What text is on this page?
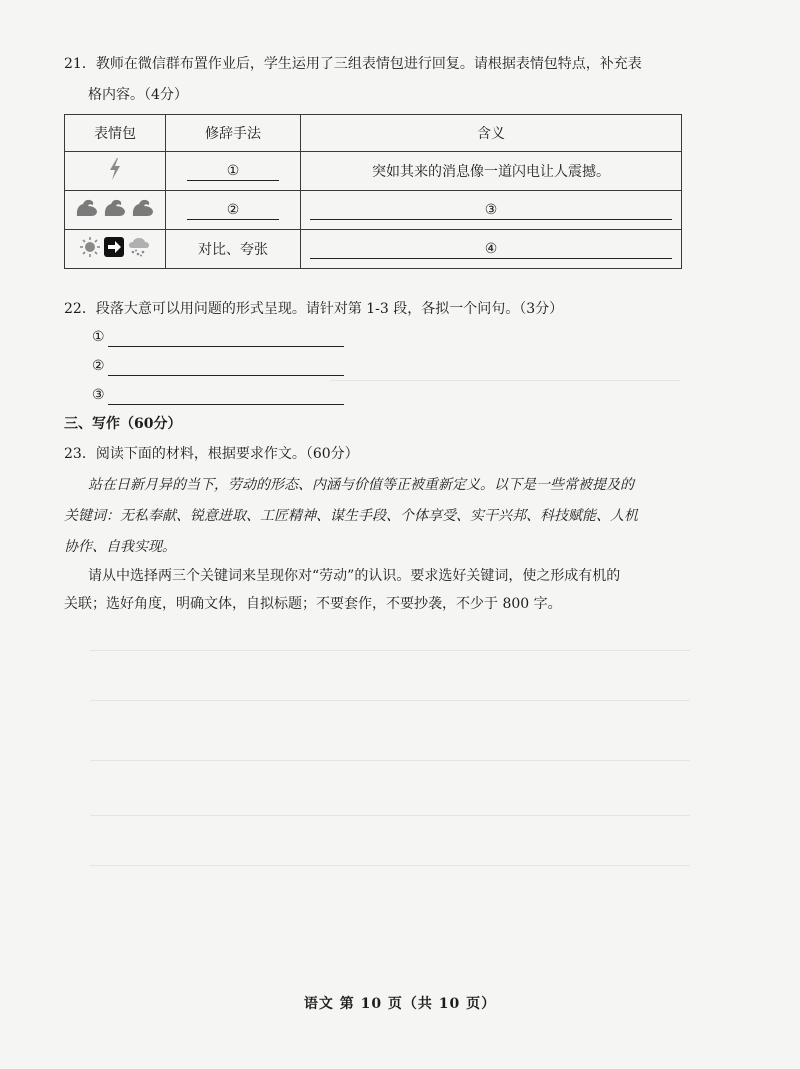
21．教师在微信群布置作业后，学生运用了三组表情包进行回复。请根据表情包特点，补充表
格内容。（4分）
表情包	修辞手法	含义
	①	突如其来的消息像一道闪电让人震撼。

	②	③

	对比、夸张	④
22．段落大意可以用问题的形式呈现。请针对第 1-3 段，各拟一个问句。（3分）
①
②
③
三、写作（60分）
23．阅读下面的材料，根据要求作文。（60分）
站在日新月异的当下，劳动的形态、内涵与价值等正被重新定义。以下是一些常被提及的
关键词：无私奉献、锐意进取、工匠精神、谋生手段、个体享受、实干兴邦、科技赋能、人机
协作、自我实现。
请从中选择两三个关键词来呈现你对“劳动”的认识。要求选好关键词，使之形成有机的
关联；选好角度，明确文体，自拟标题；不要套作，不要抄袭，不少于 800 字。
语文 第 10 页（共 10 页）
